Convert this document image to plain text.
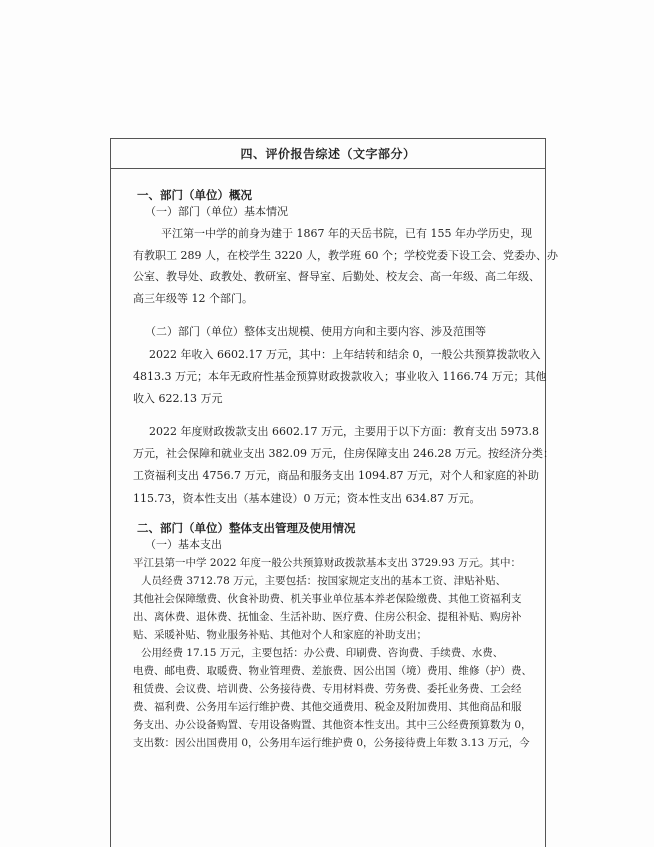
四、评价报告综述（文字部分）
一、部门（单位）概况
（一）部门（单位）基本情况
平江第一中学的前身为建于 1867 年的天岳书院，已有 155 年办学历史，现
有教职工 289 人，在校学生 3220 人，教学班 60 个；学校党委下设工会、党委办、办
公室、教导处、政教处、教研室、督导室、后勤处、校友会、高一年级、高二年级、
高三年级等 12 个部门。
（二）部门（单位）整体支出规模、使用方向和主要内容、涉及范围等
2022 年收入 6602.17 万元，其中：上年结转和结余 0，一般公共预算拨款收入
4813.3 万元；本年无政府性基金预算财政拨款收入；事业收入 1166.74 万元；其他
收入 622.13 万元
2022 年度财政拨款支出 6602.17 万元，主要用于以下方面：教育支出 5973.8
万元，社会保障和就业支出 382.09 万元，住房保障支出 246.28 万元。按经济分类：
工资福利支出 4756.7 万元，商品和服务支出 1094.87 万元，对个人和家庭的补助
115.73，资本性支出（基本建设）0 万元；资本性支出 634.87 万元。
二、部门（单位）整体支出管理及使用情况
（一）基本支出
平江县第一中学 2022 年度一般公共预算财政拨款基本支出 3729.93 万元。其中：
人员经费 3712.78 万元，主要包括：按国家规定支出的基本工资、津贴补贴、
其他社会保障缴费、伙食补助费、机关事业单位基本养老保险缴费、其他工资福利支
出、离休费、退休费、抚恤金、生活补助、医疗费、住房公积金、提租补贴、购房补
贴、采暖补贴、物业服务补贴、其他对个人和家庭的补助支出；
公用经费 17.15 万元，主要包括：办公费、印刷费、咨询费、手续费、水费、
电费、邮电费、取暖费、物业管理费、差旅费、因公出国（境）费用、维修（护）费、
租赁费、会议费、培训费、公务接待费、专用材料费、劳务费、委托业务费、工会经
费、福利费、公务用车运行维护费、其他交通费用、税金及附加费用、其他商品和服
务支出、办公设备购置、专用设备购置、其他资本性支出。其中三公经费预算数为 0，
支出数：因公出国费用 0，公务用车运行维护费 0，公务接待费上年数 3.13 万元，今
